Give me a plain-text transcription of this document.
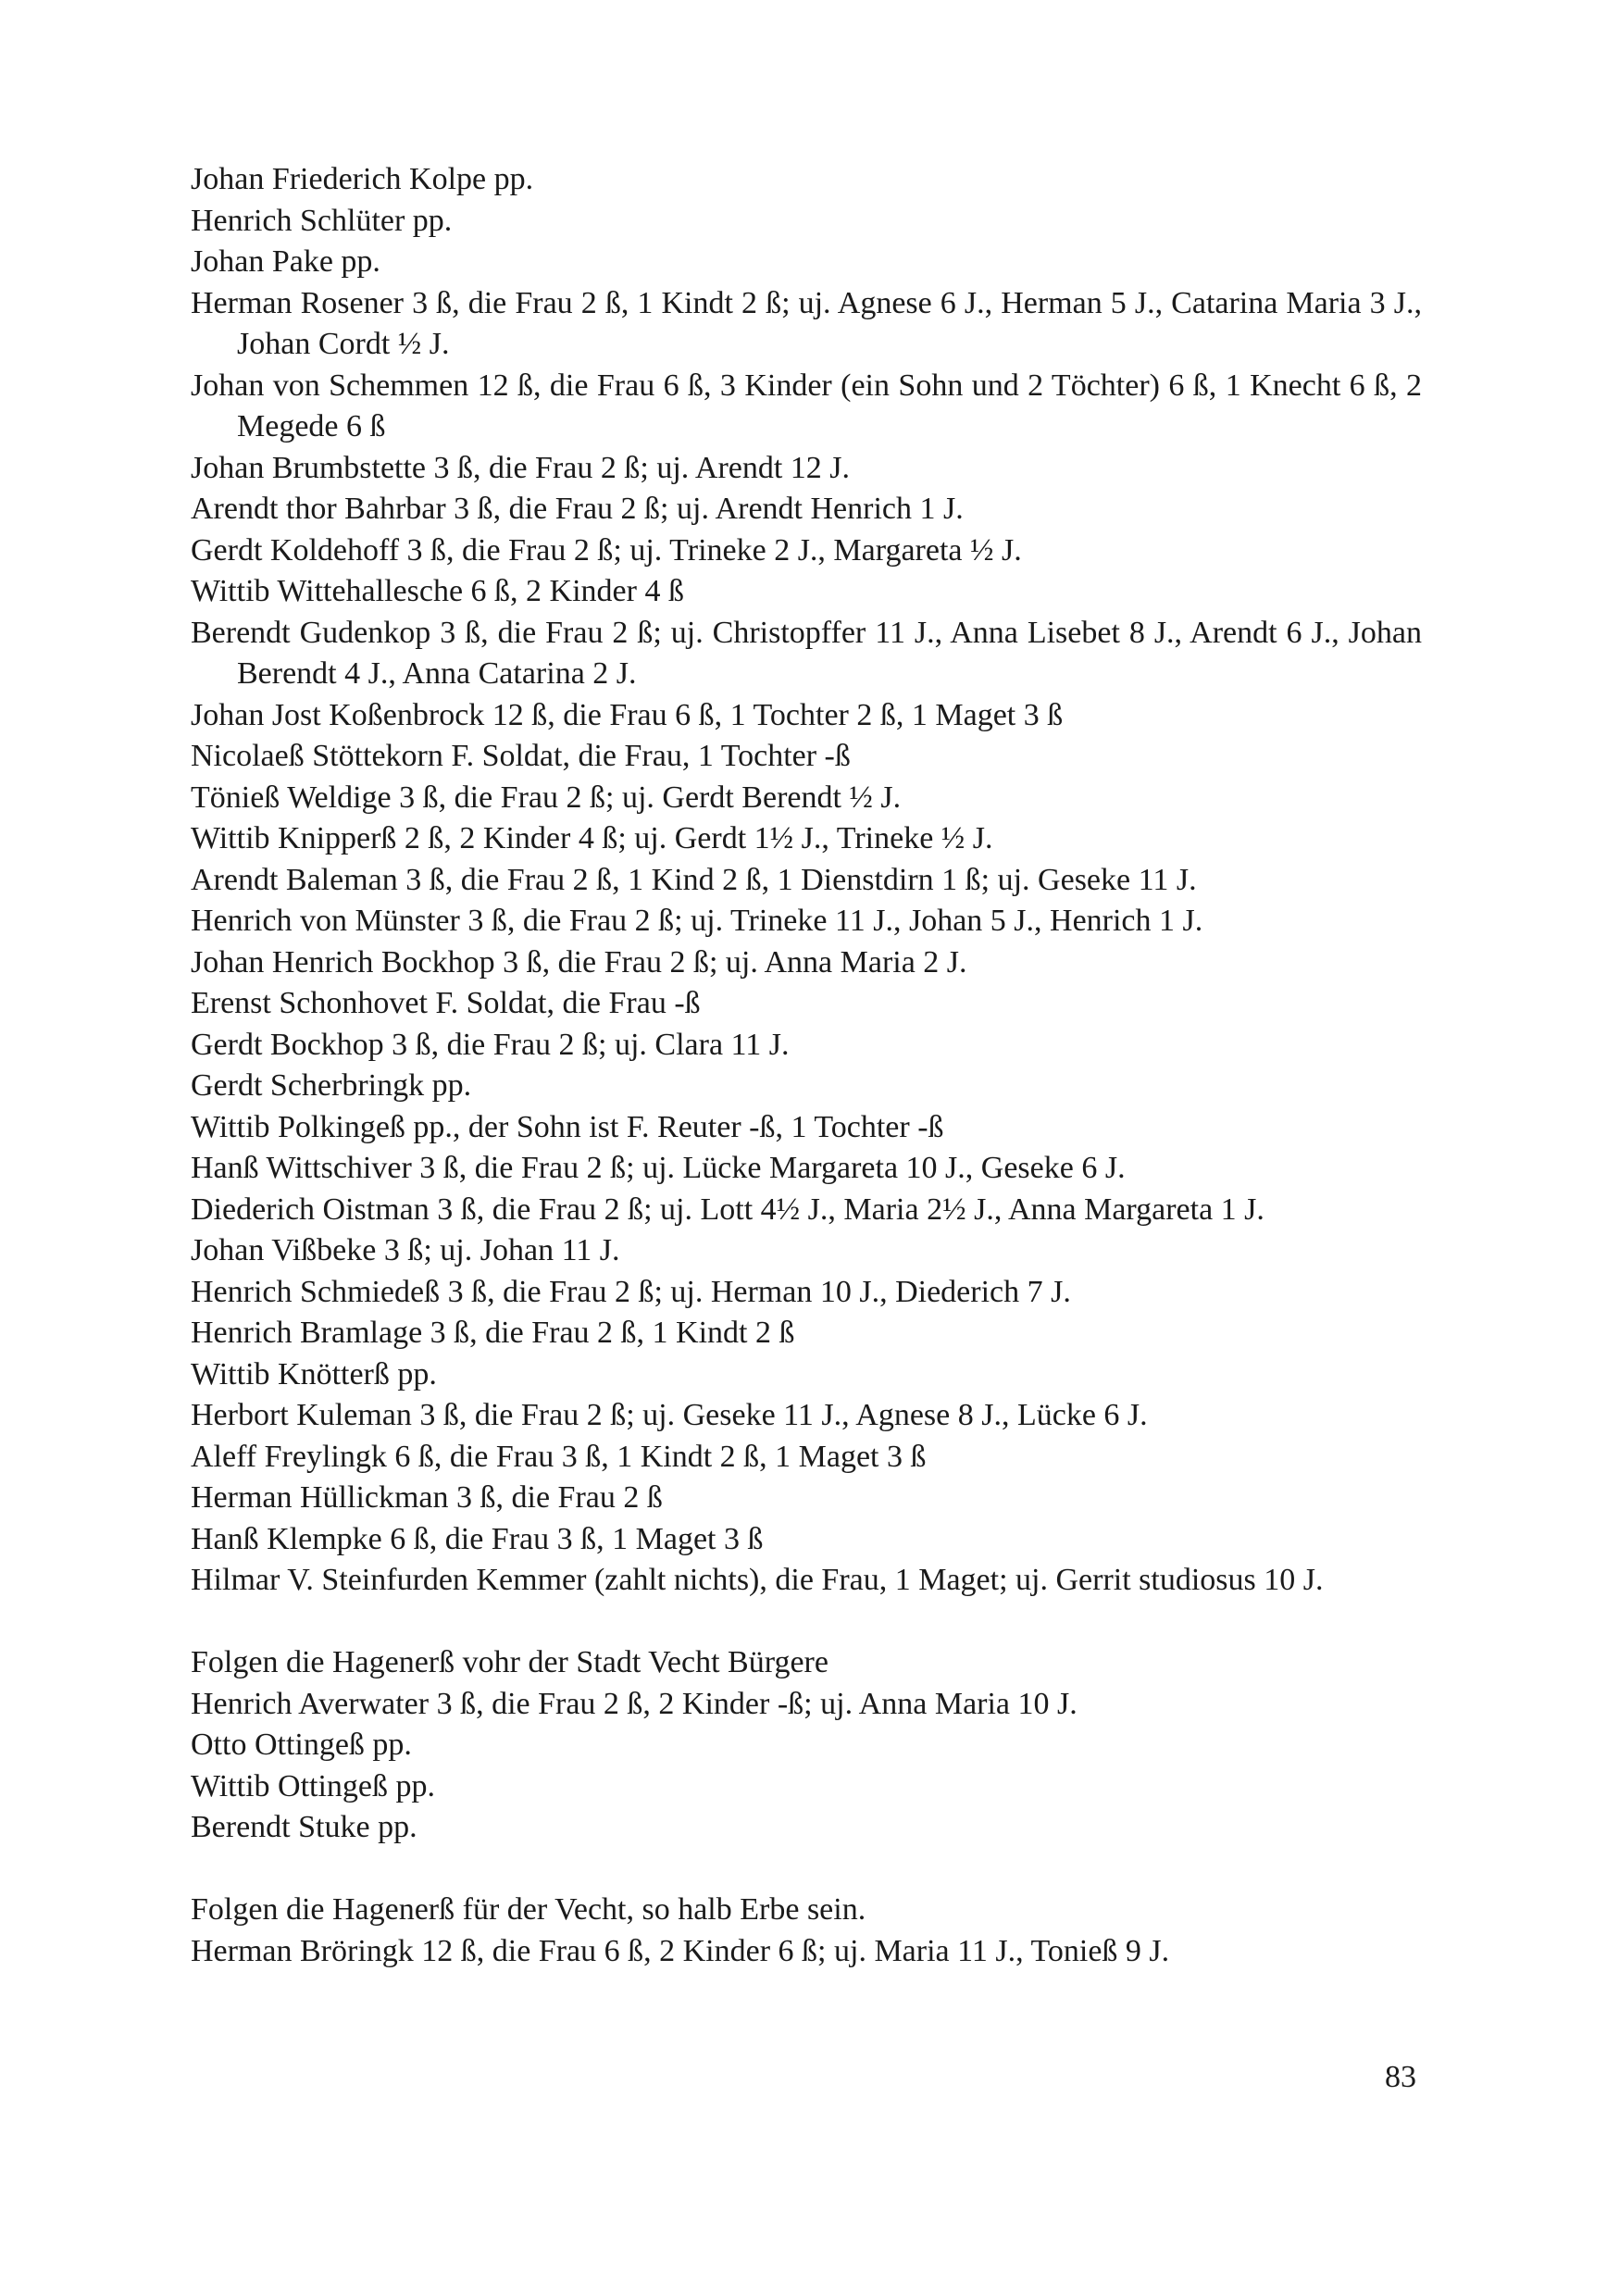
Johan Friederich Kolpe pp.

Henrich Schlüter pp.

Johan Pake pp.

Herman Rosener 3 ß, die Frau 2 ß, 1 Kindt 2 ß; uj. Agnese 6 J., Herman 5 J., Catarina Maria 3 J., Johan Cordt ½ J.

Johan von Schemmen 12 ß, die Frau 6 ß, 3 Kinder (ein Sohn und 2 Töchter) 6 ß, 1 Knecht 6 ß, 2 Megede 6 ß

Johan Brumbstette 3 ß, die Frau 2 ß; uj. Arendt 12 J.

Arendt thor Bahrbar 3 ß, die Frau 2 ß; uj. Arendt Henrich 1 J.

Gerdt Koldehoff 3 ß, die Frau 2 ß; uj. Trineke 2 J., Margareta ½ J.

Wittib Wittehallesche 6 ß, 2 Kinder 4 ß

Berendt Gudenkop 3 ß, die Frau 2 ß; uj. Christopffer 11 J., Anna Lisebet 8 J., Arendt 6 J., Johan Berendt 4 J., Anna Catarina 2 J.

Johan Jost Koßenbrock 12 ß, die Frau 6 ß, 1 Tochter 2 ß, 1 Maget 3 ß

Nicolaeß Stöttekorn F. Soldat, die Frau, 1 Tochter -ß

Tönieß Weldige 3 ß, die Frau 2 ß; uj. Gerdt Berendt ½ J.

Wittib Knipperß 2 ß, 2 Kinder 4 ß; uj. Gerdt 1½ J., Trineke ½ J.

Arendt Baleman 3 ß, die Frau 2 ß, 1 Kind 2 ß, 1 Dienstdirn 1 ß; uj. Geseke 11 J.

Henrich von Münster 3 ß, die Frau 2 ß; uj. Trineke 11 J., Johan 5 J., Henrich 1 J.

Johan Henrich Bockhop 3 ß, die Frau 2 ß; uj. Anna Maria 2 J.

Erenst Schonhovet F. Soldat, die Frau -ß

Gerdt Bockhop 3 ß, die Frau 2 ß; uj. Clara 11 J.

Gerdt Scherbringk pp.

Wittib Polkingeß pp., der Sohn ist F. Reuter -ß, 1 Tochter -ß

Hanß Wittschiver 3 ß, die Frau 2 ß; uj. Lücke Margareta 10 J., Geseke 6 J.

Diederich Oistman 3 ß, die Frau 2 ß; uj. Lott 4½ J., Maria 2½ J., Anna Margareta 1 J.

Johan Vißbeke 3 ß; uj. Johan 11 J.

Henrich Schmiedeß 3 ß, die Frau 2 ß; uj. Herman 10 J., Diederich 7 J.

Henrich Bramlage 3 ß, die Frau 2 ß, 1 Kindt 2 ß

Wittib Knötterß pp.

Herbort Kuleman 3 ß, die Frau 2 ß; uj. Geseke 11 J., Agnese 8 J., Lücke 6 J.

Aleff Freylingk 6 ß, die Frau 3 ß, 1 Kindt 2 ß, 1 Maget 3 ß

Herman Hüllickman 3 ß, die Frau 2 ß

Hanß Klempke 6 ß, die Frau 3 ß, 1 Maget 3 ß

Hilmar V. Steinfurden Kemmer (zahlt nichts), die Frau, 1 Maget; uj. Gerrit studiosus 10 J.

Folgen die Hagenerß vohr der Stadt Vecht Bürgere

Henrich Averwater 3 ß, die Frau 2 ß, 2 Kinder -ß; uj. Anna Maria 10 J.

Otto Ottingeß pp.

Wittib Ottingeß pp.

Berendt Stuke pp.

Folgen die Hagenerß für der Vecht, so halb Erbe sein.

Herman Bröringk 12 ß, die Frau 6 ß, 2 Kinder 6 ß; uj. Maria 11 J., Tonieß 9 J.

83
